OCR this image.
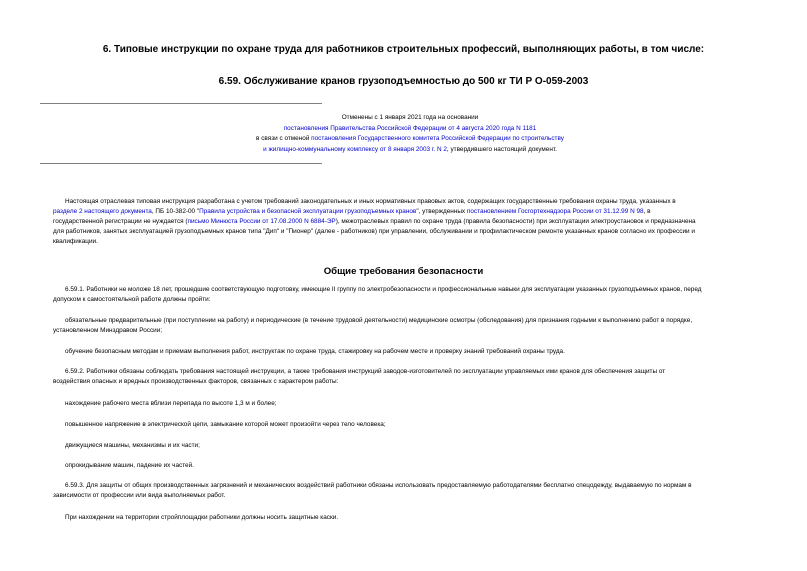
6. Типовые инструкции по охране труда для работников строительных профессий, выполняющих работы, в том числе:
6.59. Обслуживание кранов грузоподъемностью до 500 кг ТИ Р О-059-2003
Отменены с 1 января 2021 года на основании
постановления Правительства Российской Федерации от 4 августа 2020 года N 1181
в связи с отменой постановления Государственного комитета Российской Федерации по строительству
и жилищно-коммунальному комплексу от 8 января 2003 г. N 2, утвердившего настоящий документ.
Настоящая отраслевая типовая инструкция разработана с учетом требований законодательных и иных нормативных правовых актов, содержащих государственные требования охраны труда, указанных в
разделе 2 настоящего документа, ПБ 10-382-00 "Правила устройства и безопасной эксплуатации грузоподъемных кранов", утвержденных постановлением Госгортехнадзора России от 31.12.99 N 98, в
государственной регистрации не нуждается (письмо Минюста России от 17.08.2000 N 6884-ЭР), межотраслевых правил по охране труда (правила безопасности) при эксплуатации электроустановок и предназначена
для работников, занятых эксплуатацией грузоподъемных кранов типа "Дип" и "Пионер" (далее - работников) при управлении, обслуживании и профилактическом ремонте указанных кранов согласно их профессии и
квалификации.
Общие требования безопасности
6.59.1. Работники не моложе 18 лет, прошедшие соответствующую подготовку, имеющие II группу по электробезопасности и профессиональные навыки для эксплуатации указанных грузоподъемных кранов, перед
допуском к самостоятельной работе должны пройти:
обязательные предварительные (при поступлении на работу) и периодические (в течение трудовой деятельности) медицинские осмотры (обследования) для признания годными к выполнению работ в порядке,
установленном Минздравом России;
обучение безопасным методам и приемам выполнения работ, инструктаж по охране труда, стажировку на рабочем месте и проверку знаний требований охраны труда.
6.59.2. Работники обязаны соблюдать требования настоящей инструкции, а также требования инструкций заводов-изготовителей по эксплуатации управляемых ими кранов для обеспечения защиты от
воздействия опасных и вредных производственных факторов, связанных с характером работы:
нахождение рабочего места вблизи перепада по высоте 1,3 м и более;
повышенное напряжение в электрической цепи, замыкание которой может произойти через тело человека;
движущиеся машины, механизмы и их части;
опрокидывание машин, падение их частей.
6.59.3. Для защиты от общих производственных загрязнений и механических воздействий работники обязаны использовать предоставляемую работодателями бесплатно спецодежду, выдаваемую по нормам в
зависимости от профессии или вида выполняемых работ.
При нахождении на территории стройплощадки работники должны носить защитные каски.
